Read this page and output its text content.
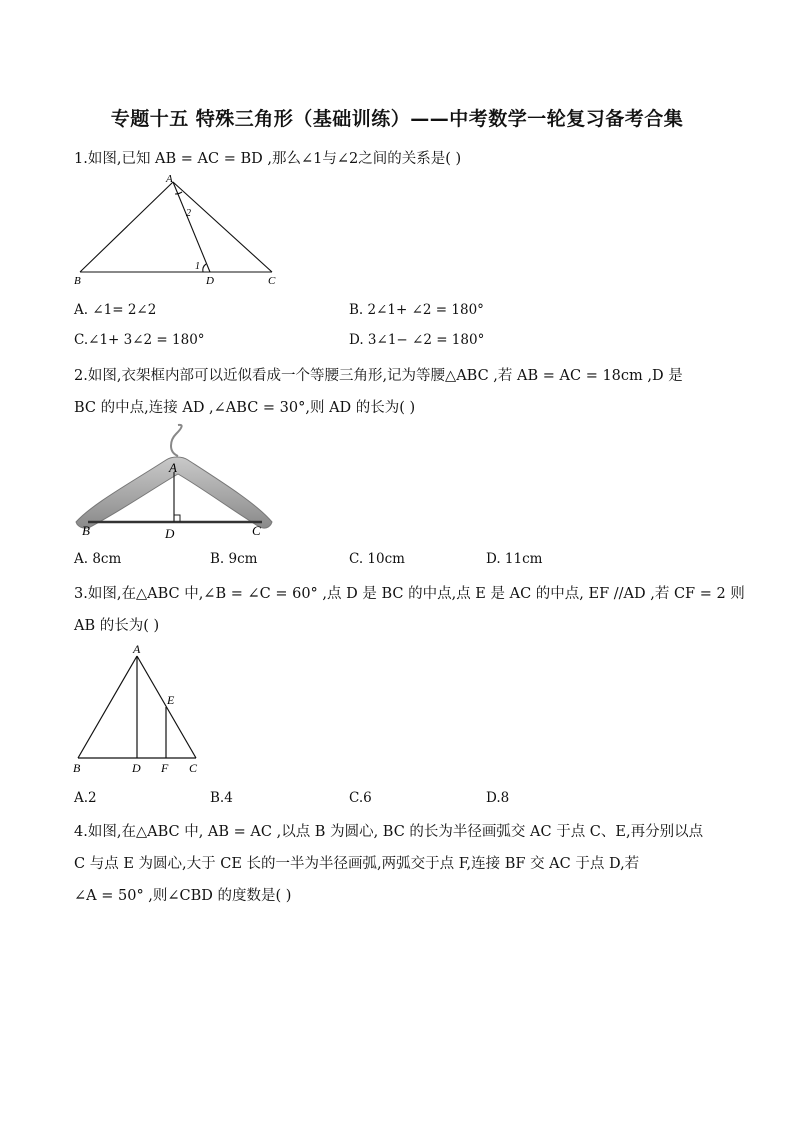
专题十五 特殊三角形（基础训练）——中考数学一轮复习备考合集
1.如图,已知 AB = AC = BD ,那么∠1与∠2之间的关系是( )
A
B	C
D
1
2
A. ∠1= 2∠2	B. 2∠1+ ∠2 = 180°
C.∠1+ 3∠2 = 180°	D. 3∠1− ∠2 = 180°
2.如图,衣架框内部可以近似看成一个等腰三角形,记为等腰△ABC ,若 AB = AC = 18cm ,D 是
BC 的中点,连接 AD ,∠ABC = 30°,则 AD 的长为( )
A
B	C
D
A. 8cm	B. 9cm	C. 10cm	D. 11cm
3.如图,在△ABC 中,∠B = ∠C = 60° ,点 D 是 BC 的中点,点 E 是 AC 的中点, EF //AD ,若 CF = 2 则
AB 的长为( )
A
E
B	D F C
A.2	B.4	C.6	D.8
4.如图,在△ABC 中, AB = AC ,以点 B 为圆心, BC 的长为半径画弧交 AC 于点 C、E,再分别以点
C 与点 E 为圆心,大于 CE 长的一半为半径画弧,两弧交于点 F,连接 BF 交 AC 于点 D,若
∠A = 50° ,则∠CBD 的度数是( )
